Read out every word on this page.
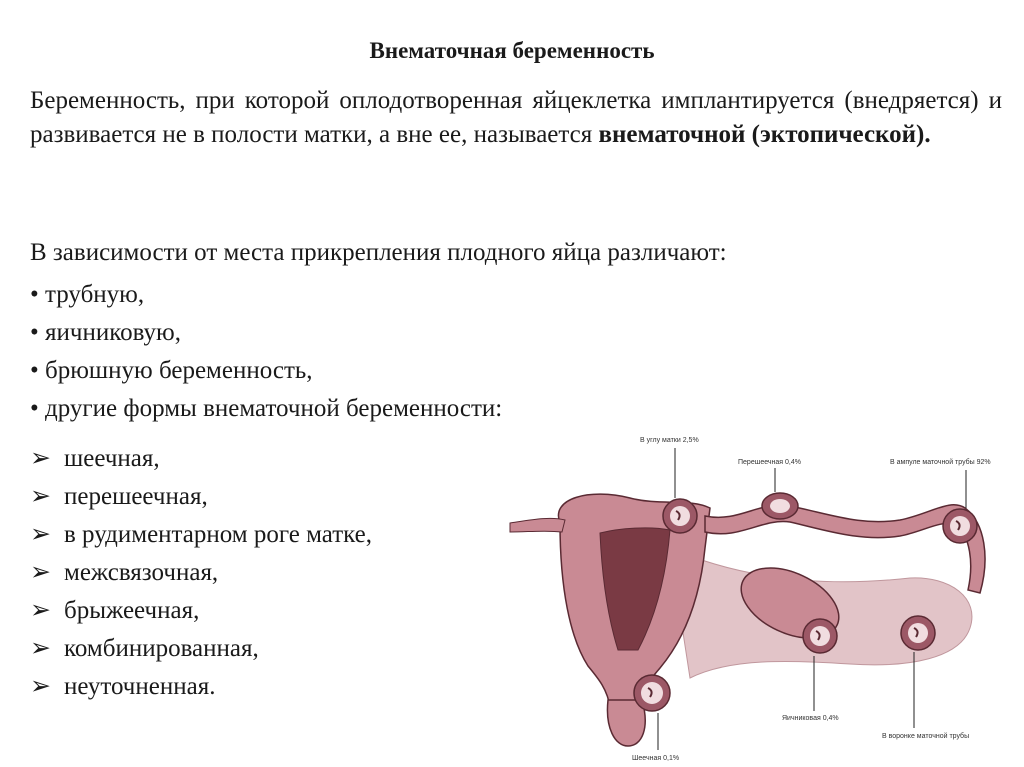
Внематочная беременность

Беременность, при которой оплодотворенная яйцеклетка имплантируется (внедряется) и развивается не в полости матки, а вне ее, называется внематочной (эктопической).

В зависимости от места прикрепления плодного яйца различают:

• трубную,
• яичниковую,
• брюшную беременность,
• другие формы внематочной беременности:
➢ шеечная,
➢ перешеечная,
➢ в рудиментарном роге матке,
➢ межсвязочная,
➢ брыжеечная,
➢ комбинированная,
➢ неуточненная.
В углу матки 2,5%
Перешеечная 0,4%	В ампуле маточной трубы 92%
Яичниковая 0,4%
В воронке маточной трубы
Шеечная 0,1%
